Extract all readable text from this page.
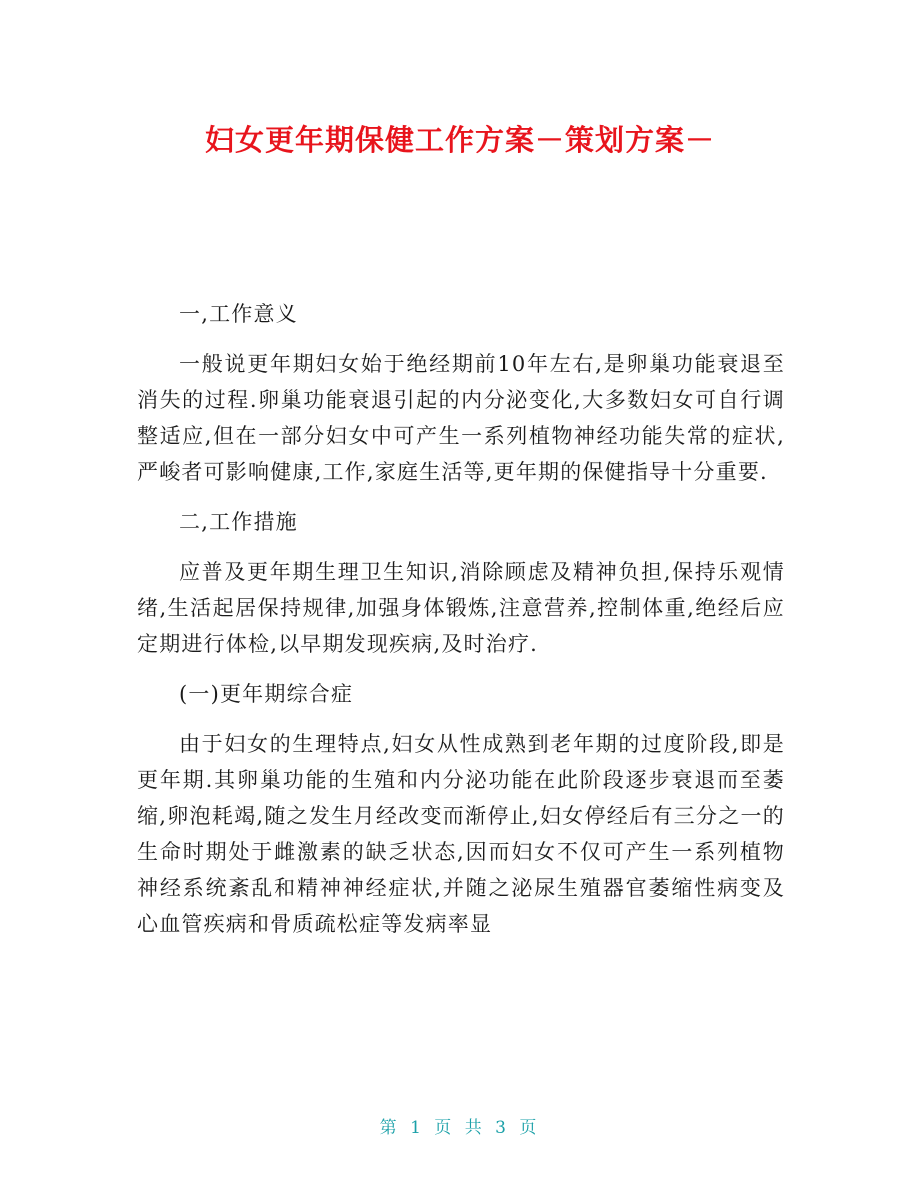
妇女更年期保健工作方案－策划方案－

一,工作意义

一般说更年期妇女始于绝经期前10年左右,是卵巢功能衰退至消失的过程.卵巢功能衰退引起的内分泌变化,大多数妇女可自行调整适应,但在一部分妇女中可产生一系列植物神经功能失常的症状,严峻者可影响健康,工作,家庭生活等,更年期的保健指导十分重要.

二,工作措施

应普及更年期生理卫生知识,消除顾虑及精神负担,保持乐观情绪,生活起居保持规律,加强身体锻炼,注意营养,控制体重,绝经后应定期进行体检,以早期发现疾病,及时治疗.

(一)更年期综合症

由于妇女的生理特点,妇女从性成熟到老年期的过度阶段,即是更年期.其卵巢功能的生殖和内分泌功能在此阶段逐步衰退而至萎缩,卵泡耗竭,随之发生月经改变而渐停止,妇女停经后有三分之一的生命时期处于雌激素的缺乏状态,因而妇女不仅可产生一系列植物神经系统紊乱和精神神经症状,并随之泌尿生殖器官萎缩性病变及心血管疾病和骨质疏松症等发病率显

第 1 页 共 3 页
